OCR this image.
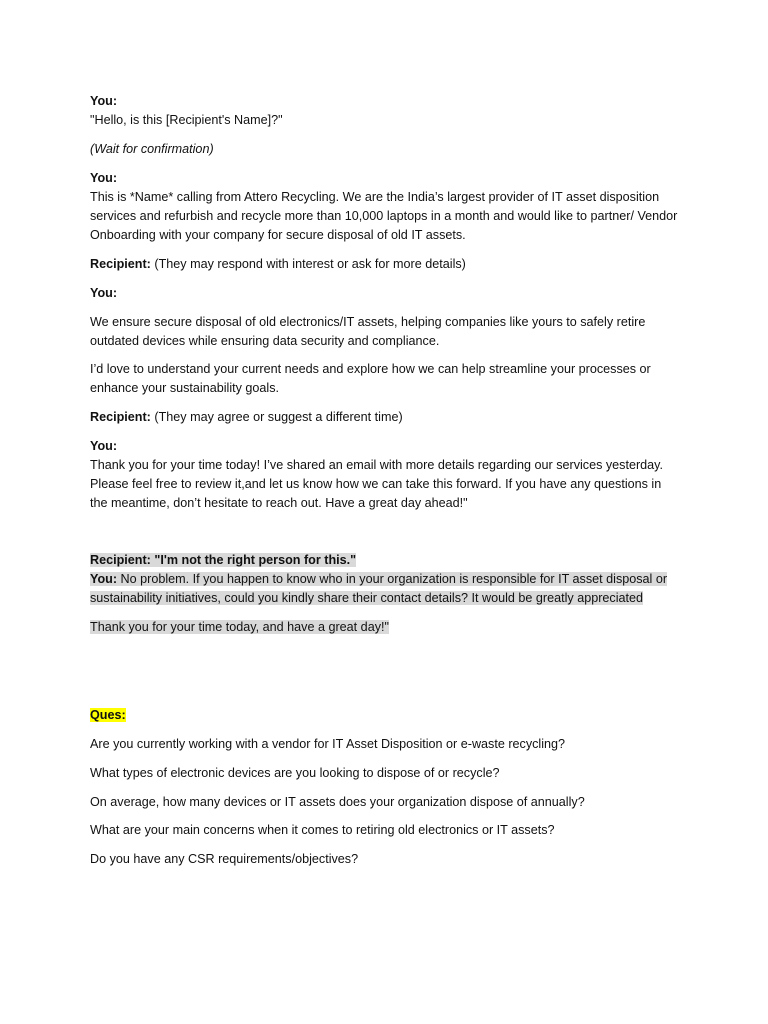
You:
"Hello, is this [Recipient's Name]?"

(Wait for confirmation)

You:
This is *Name* calling from Attero Recycling. We are the India’s largest provider of IT asset disposition services and refurbish and recycle more than 10,000 laptops in a month and would like to partner/ Vendor Onboarding with your company for secure disposal of old IT assets.

Recipient: (They may respond with interest or ask for more details)

You:

We ensure secure disposal of old electronics/IT assets, helping companies like yours to safely retire outdated devices while ensuring data security and compliance.

I’d love to understand your current needs and explore how we can help streamline your processes or enhance your sustainability goals.

Recipient: (They may agree or suggest a different time)

You:
Thank you for your time today! I’ve shared an email with more details regarding our services yesterday. Please feel free to review it,and let us know how we can take this forward. If you have any questions in the meantime, don’t hesitate to reach out. Have a great day ahead!"

Recipient: "I'm not the right person for this."
You: No problem. If you happen to know who in your organization is responsible for IT asset disposal or sustainability initiatives, could you kindly share their contact details? It would be greatly appreciated

Thank you for your time today, and have a great day!"

Ques:

Are you currently working with a vendor for IT Asset Disposition or e-waste recycling?

What types of electronic devices are you looking to dispose of or recycle?

On average, how many devices or IT assets does your organization dispose of annually?

What are your main concerns when it comes to retiring old electronics or IT assets?

Do you have any CSR requirements/objectives?
